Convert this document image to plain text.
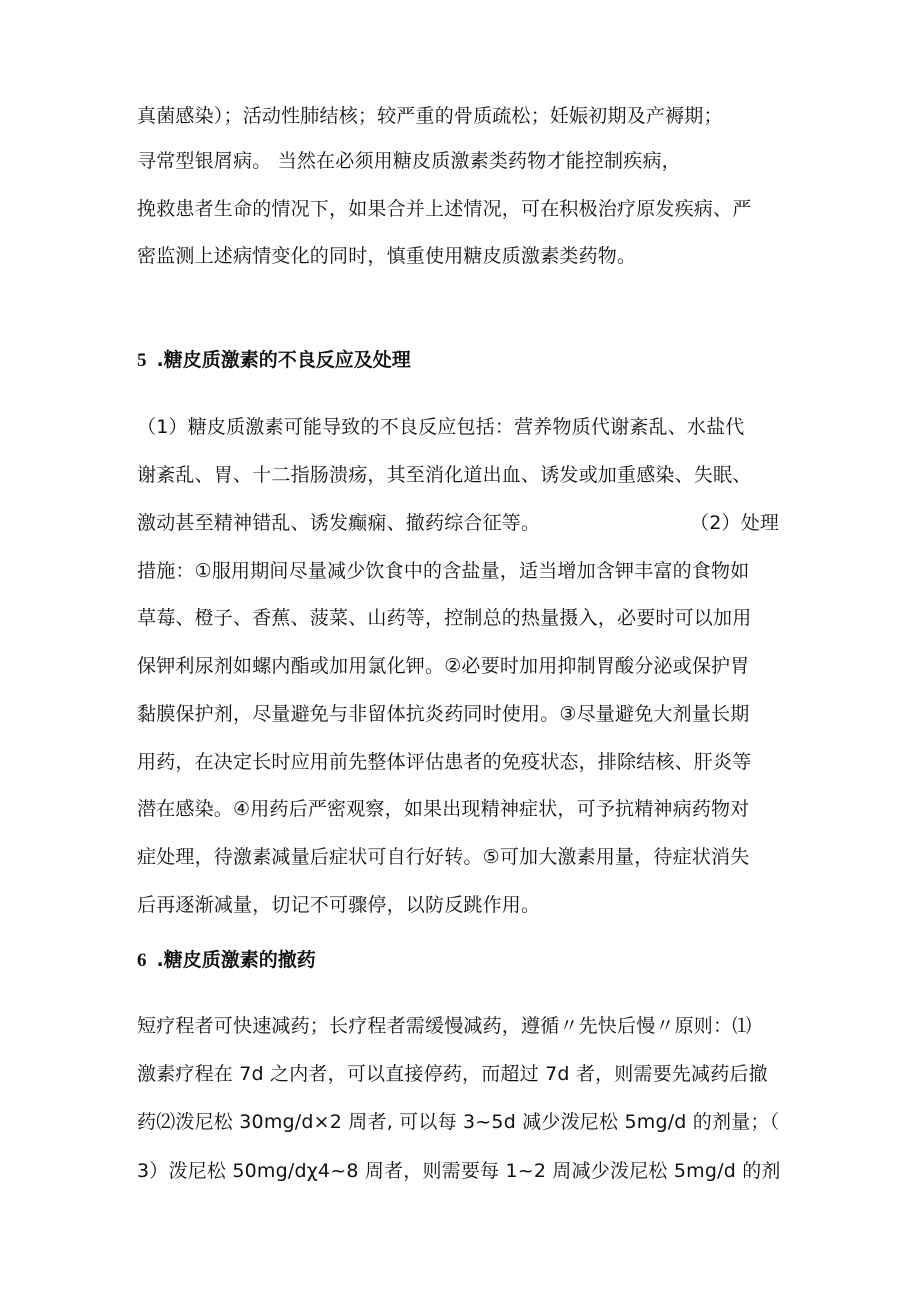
真菌感染）；活动性肺结核；较严重的骨质疏松；妊娠初期及产褥期；
寻常型银屑病。 当然在必须用糖皮质激素类药物才能控制疾病，
挽救患者生命的情况下，如果合并上述情况，可在积极治疗原发疾病、严
密监测上述病情变化的同时，慎重使用糖皮质激素类药物。
5 .糖皮质激素的不良反应及处理
（1）糖皮质激素可能导致的不良反应包括：营养物质代谢紊乱、水盐代
谢紊乱、胃、十二指肠溃疡，其至消化道出血、诱发或加重感染、失眠、
激动甚至精神错乱、诱发癫痫、撤药综合征等。	（2）处理
措施：①服用期间尽量减少饮食中的含盐量，适当增加含钾丰富的食物如
草莓、橙子、香蕉、菠菜、山药等，控制总的热量摄入，必要时可以加用
保钾利尿剂如螺内酯或加用氯化钾。②必要时加用抑制胃酸分泌或保护胃
黏膜保护剂，尽量避免与非留体抗炎药同时使用。③尽量避免大剂量长期
用药，在决定长时应用前先整体评估患者的免疫状态，排除结核、肝炎等
潜在感染。④用药后严密观察，如果出现精神症状，可予抗精神病药物对
症处理，待激素减量后症状可自行好转。⑤可加大激素用量，待症状消失
后再逐渐减量，切记不可骤停，以防反跳作用。
6 .糖皮质激素的撤药
短疗程者可快速减药；长疗程者需缓慢减药，遵循〃先快后慢〃原则：⑴
激素疗程在 7d 之内者，可以直接停药，而超过 7d 者，则需要先减药后撤
药⑵泼尼松 30mg∕d×2 周者, 可以每 3~5d 减少泼尼松 5mg∕d 的剂量；（
3）泼尼松 50mg∕dχ4~8 周者，则需要每 1~2 周减少泼尼松 5mg∕d 的剂
